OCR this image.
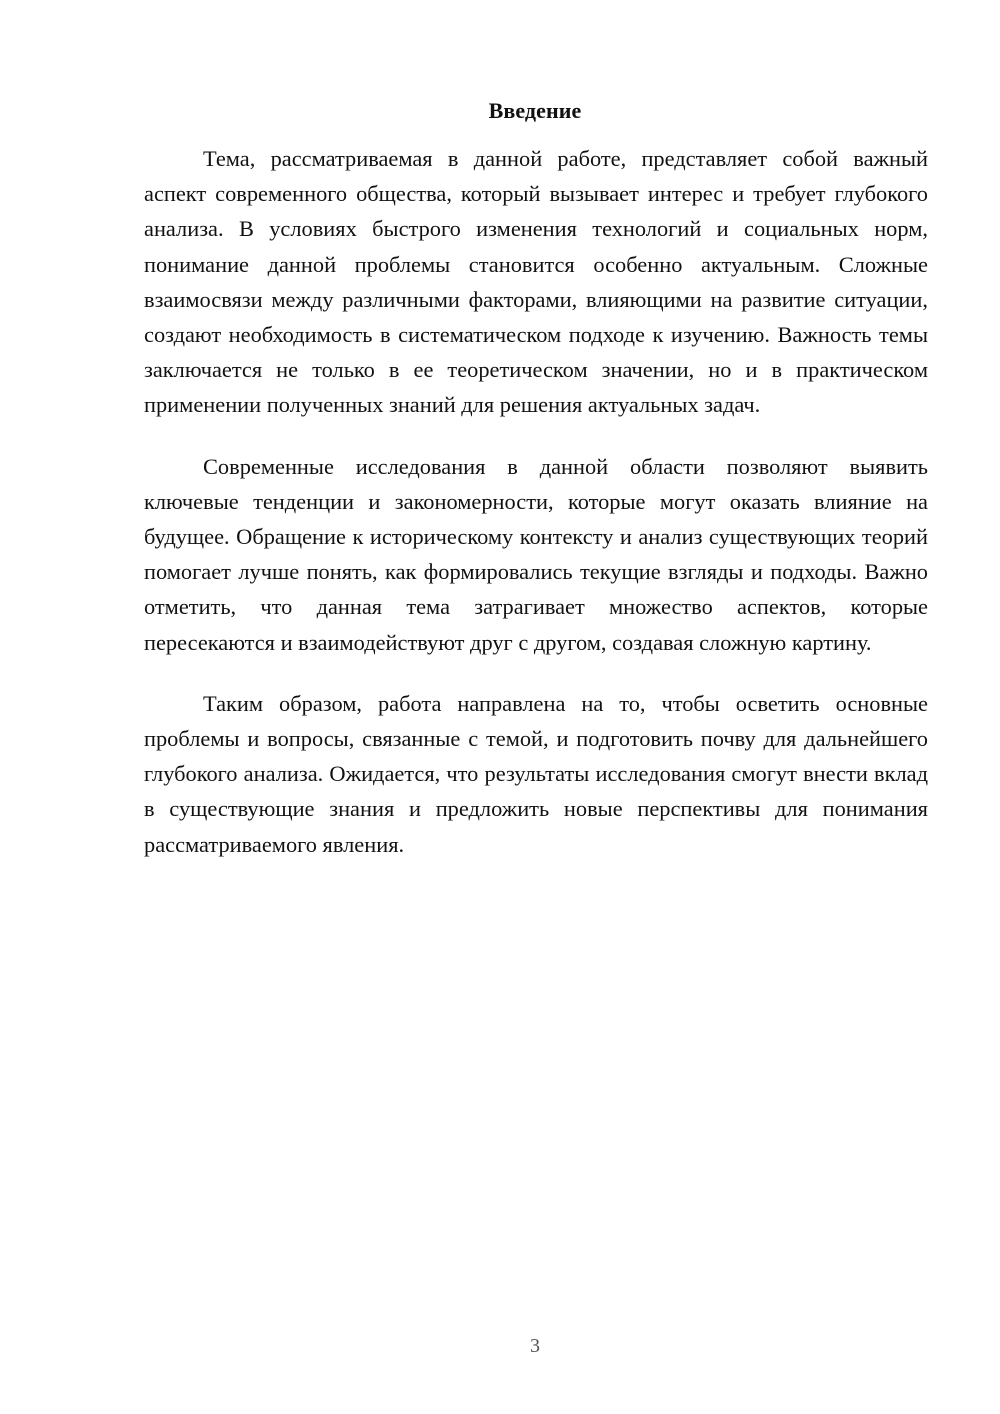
Введение

Тема, рассматриваемая в данной работе, представляет собой важный аспект современного общества, который вызывает интерес и требует глубокого анализа. В условиях быстрого изменения технологий и социальных норм, понимание данной проблемы становится особенно актуальным. Сложные взаимосвязи между различными факторами, влияющими на развитие ситуации, создают необходимость в систематическом подходе к изучению. Важность темы заключается не только в ее теоретическом значении, но и в практическом применении полученных знаний для решения актуальных задач.

Современные исследования в данной области позволяют выявить ключевые тенденции и закономерности, которые могут оказать влияние на будущее. Обращение к историческому контексту и анализ существующих теорий помогает лучше понять, как формировались текущие взгляды и подходы. Важно отметить, что данная тема затрагивает множество аспектов, которые пересекаются и взаимодействуют друг с другом, создавая сложную картину.

Таким образом, работа направлена на то, чтобы осветить основные проблемы и вопросы, связанные с темой, и подготовить почву для дальнейшего глубокого анализа. Ожидается, что результаты исследования смогут внести вклад в существующие знания и предложить новые перспективы для понимания рассматриваемого явления.

3
